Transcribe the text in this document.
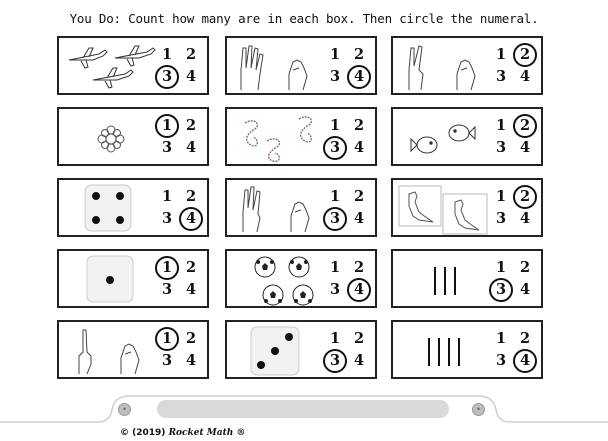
You Do: Count how many are in each box. Then circle the numeral.
1 2
3 4
1 2
3 4
1 2
3 4
1 2
3 4
1 2
3 4
1 2
3 4
1 2
3 4
1 2
3 4
1 2
3 4
1 2
3 4
1 2
3 4
1 2
3 4
1 2
3 4
1 2
3 4
1 2
3 4
•	•
© (2019) Rocket Math ®
